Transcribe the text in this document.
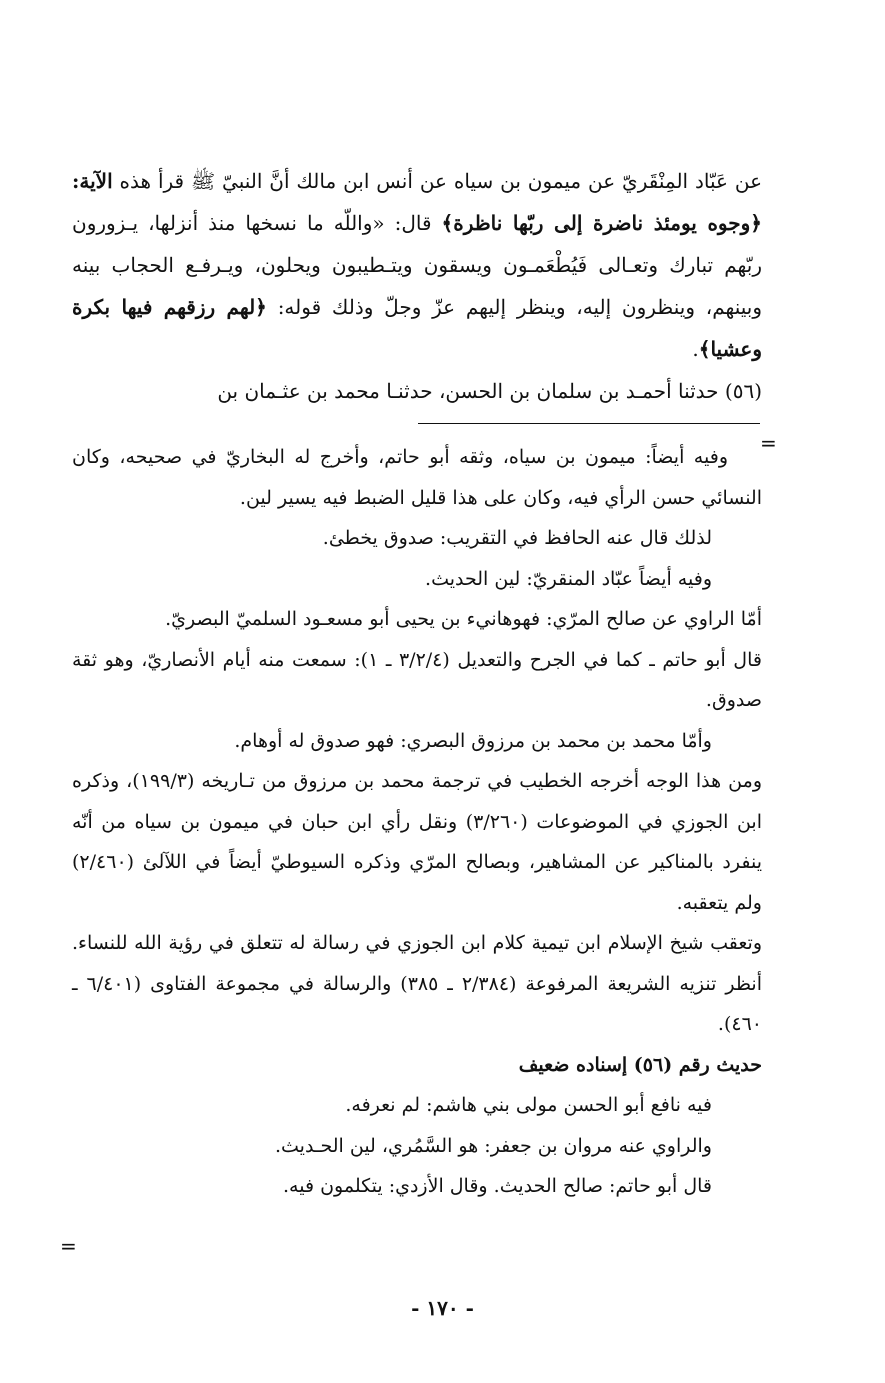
عن عَبّاد المِنْقَريّ عن ميمون بن سياه عن أنس ابن مالك أنَّ النبيّ ﷺ قرأ هذه الآية: ﴿وجوه يومئذ ناضرة إلى ربّها ناظرة﴾ قال: «واللّه ما نسخها منذ أنزلها، يـزورون ربّهم تبارك وتعـالى فَيُطْعَمـون ويسقون ويتـطيبون ويحلون، ويـرفـع الحجاب بينه وبينهم، وينظرون إليه، وينظر إليهم عزّ وجلّ وذلك قوله: ﴿لهم رزقهم فيها بكرة وعشيا﴾.

(٥٦) حدثنا أحمـد بن سلمان بن الحسن، حدثنـا محمد بن عثـمان بن

=

وفيه أيضاً: ميمون بن سياه، وثقه أبو حاتم، وأخرج له البخاريّ في صحيحه، وكان النسائي حسن الرأي فيه، وكان على هذا قليل الضبط فيه يسير لين.

لذلك قال عنه الحافظ في التقريب: صدوق يخطئ.

وفيه أيضاً عبّاد المنقريّ: لين الحديث.

أمّا الراوي عن صالح المرّي: فهوهانيء بن يحيى أبو مسعـود السلميّ البصريّ.

قال أبو حاتم ـ كما في الجرح والتعديل (٣/٢/٤ ـ ١): سمعت منه أيام الأنصاريّ، وهو ثقة صدوق.

وأمّا محمد بن محمد بن مرزوق البصري: فهو صدوق له أوهام.

ومن هذا الوجه أخرجه الخطيب في ترجمة محمد بن مرزوق من تـاريخه (١٩٩/٣)، وذكره ابن الجوزي في الموضوعات (٣/٢٦٠) ونقل رأي ابن حبان في ميمون بن سياه من أنّه ينفرد بالمناكير عن المشاهير، وبصالح المرّي وذكره السيوطيّ أيضاً في اللآلئ (٢/٤٦٠) ولم يتعقبه.

وتعقب شيخ الإسلام ابن تيمية كلام ابن الجوزي في رسالة له تتعلق في رؤية الله للنساء. أنظر تنزيه الشريعة المرفوعة (٢/٣٨٤ ـ ٣٨٥) والرسالة في مجموعة الفتاوى (٦/٤٠١ ـ ٤٦٠).

حديث رقم (٥٦) إسناده ضعيف

فيه نافع أبو الحسن مولى بني هاشم: لم نعرفه.

والراوي عنه مروان بن جعفر: هو السَّمُري، لين الحـديث.

قال أبو حاتم: صالح الحديث. وقال الأزدي: يتكلمون فيه.

=
- ١٧٠ -
